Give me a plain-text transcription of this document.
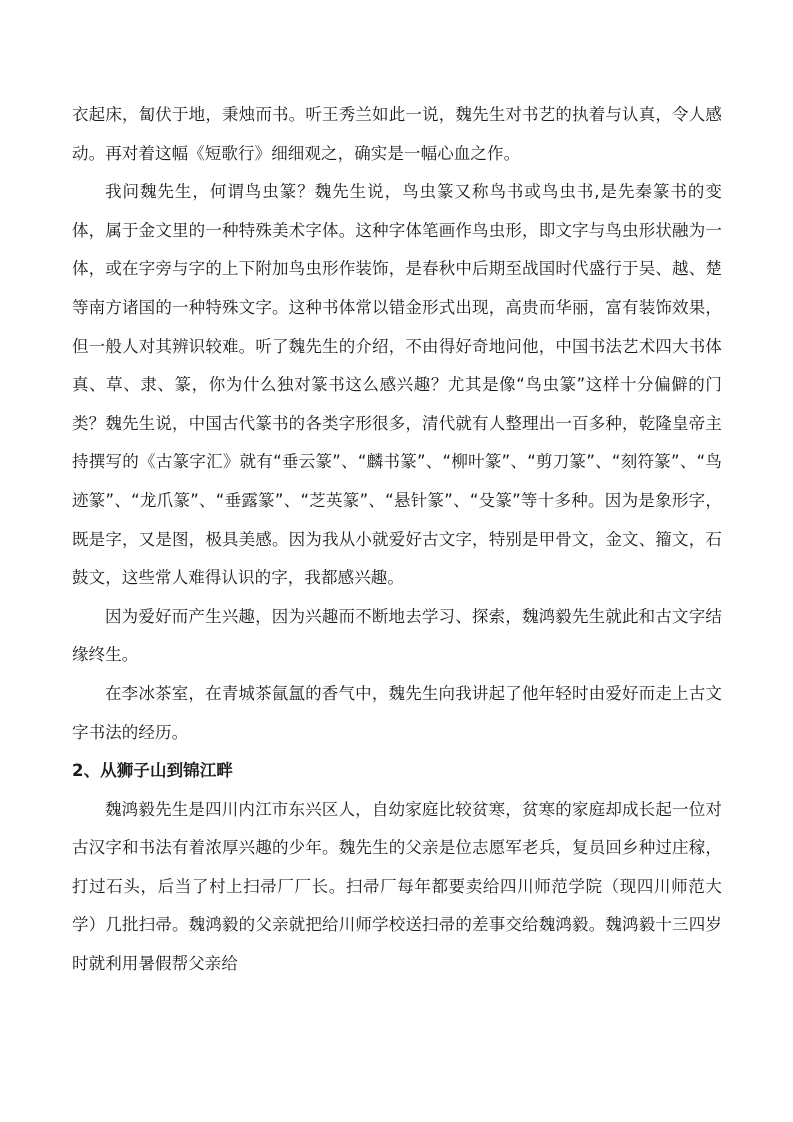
衣起床，匐伏于地，秉烛而书。听王秀兰如此一说，魏先生对书艺的执着与认真，令人感动。再对着这幅《短歌行》细细观之，确实是一幅心血之作。

我问魏先生，何谓鸟虫篆？魏先生说，鸟虫篆又称鸟书或鸟虫书,是先秦篆书的变体，属于金文里的一种特殊美术字体。这种字体笔画作鸟虫形，即文字与鸟虫形状融为一体，或在字旁与字的上下附加鸟虫形作装饰，是春秋中后期至战国时代盛行于吴、越、楚等南方诸国的一种特殊文字。这种书体常以错金形式出现，高贵而华丽，富有装饰效果，但一般人对其辨识较难。听了魏先生的介绍，不由得好奇地问他，中国书法艺术四大书体真、草、隶、篆，你为什么独对篆书这么感兴趣？尤其是像“鸟虫篆”这样十分偏僻的门类？魏先生说，中国古代篆书的各类字形很多，清代就有人整理出一百多种，乾隆皇帝主持撰写的《古篆字汇》就有“垂云篆”、“麟书篆”、“柳叶篆”、“剪刀篆”、“刻符篆”、“鸟迹篆”、“龙爪篆”、“垂露篆”、“芝英篆”、“悬针篆”、“殳篆”等十多种。因为是象形字，既是字，又是图，极具美感。因为我从小就爱好古文字，特别是甲骨文，金文、籀文，石鼓文，这些常人难得认识的字，我都感兴趣。

因为爱好而产生兴趣，因为兴趣而不断地去学习、探索，魏鸿毅先生就此和古文字结缘终生。

在李冰茶室，在青城茶氤氲的香气中，魏先生向我讲起了他年轻时由爱好而走上古文字书法的经历。

2、从狮子山到锦江畔

魏鸿毅先生是四川内江市东兴区人，自幼家庭比较贫寒，贫寒的家庭却成长起一位对古汉字和书法有着浓厚兴趣的少年。魏先生的父亲是位志愿军老兵，复员回乡种过庄稼，打过石头，后当了村上扫帚厂厂长。扫帚厂每年都要卖给四川师范学院（现四川师范大学）几批扫帚。魏鸿毅的父亲就把给川师学校送扫帚的差事交给魏鸿毅。魏鸿毅十三四岁时就利用暑假帮父亲给
